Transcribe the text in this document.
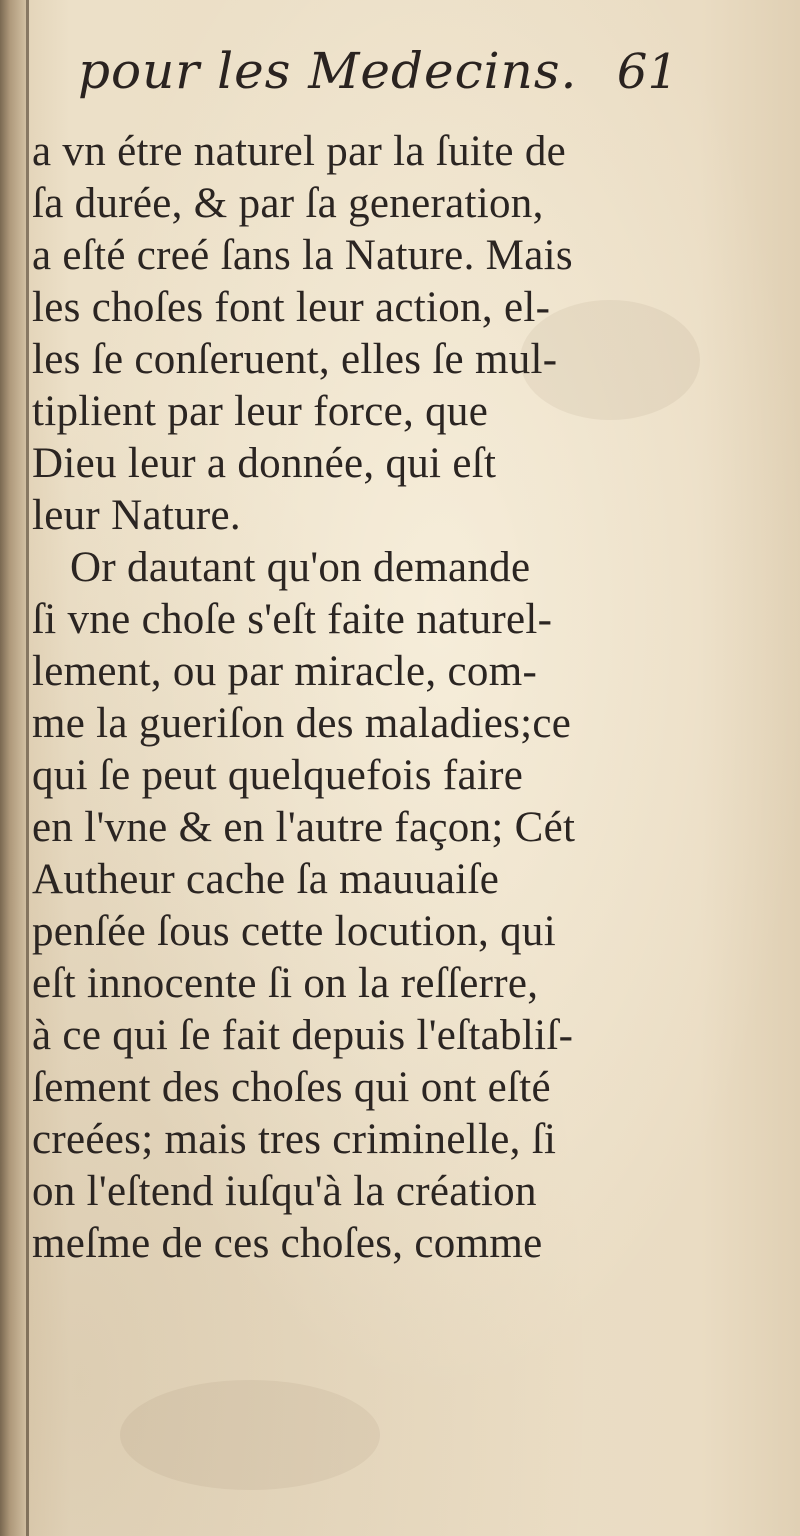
pour les Medecins. 61
a vn étre naturel par la ſuite de
ſa durée, & par ſa generation,
a eſté creé ſans la Nature. Mais
les choſes font leur action, el-
les ſe conſeruent, elles ſe mul-
tiplient par leur force, que
Dieu leur a donnée, qui eſt
leur Nature.
Or dautant qu'on demande
ſi vne choſe s'eſt faite naturel-
lement, ou par miracle, com-
me la gueriſon des maladies;ce
qui ſe peut quelquefois faire
en l'vne & en l'autre façon; Cét
Autheur cache ſa mauuaiſe
penſée ſous cette locution, qui
eſt innocente ſi on la reſſerre,
à ce qui ſe fait depuis l'eſtabliſ-
ſement des choſes qui ont eſté
creées; mais tres criminelle, ſi
on l'eſtend iuſqu'à la création
meſme de ces choſes, comme
